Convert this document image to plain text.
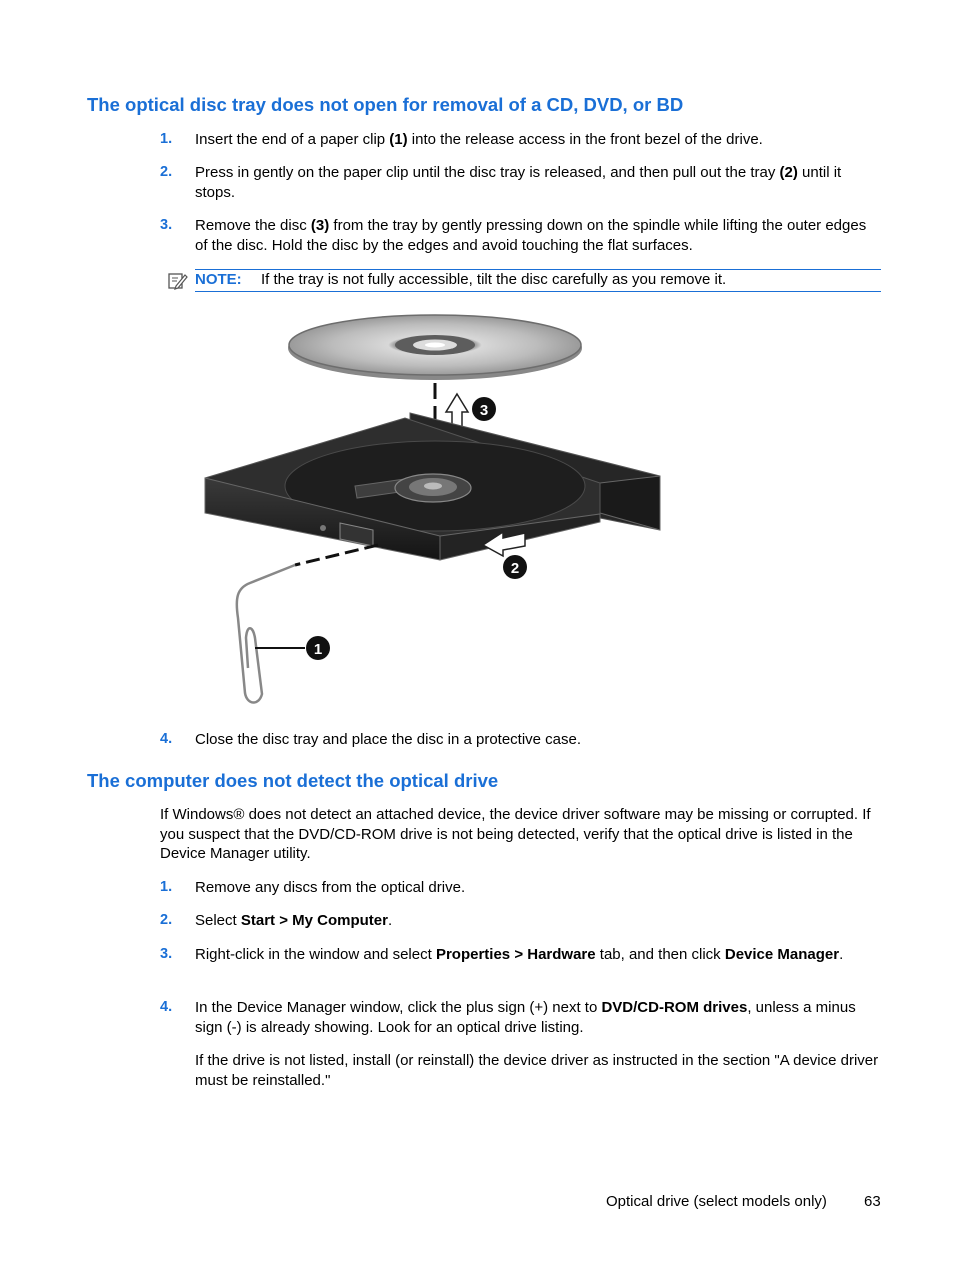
The optical disc tray does not open for removal of a CD, DVD, or BD
1. Insert the end of a paper clip (1) into the release access in the front bezel of the drive.
2. Press in gently on the paper clip until the disc tray is released, and then pull out the tray (2) until it stops.
3. Remove the disc (3) from the tray by gently pressing down on the spindle while lifting the outer edges of the disc. Hold the disc by the edges and avoid touching the flat surfaces.
NOTE: If the tray is not fully accessible, tilt the disc carefully as you remove it.
3
2
1
4. Close the disc tray and place the disc in a protective case.
The computer does not detect the optical drive
If Windows® does not detect an attached device, the device driver software may be missing or corrupted. If you suspect that the DVD/CD-ROM drive is not being detected, verify that the optical drive is listed in the Device Manager utility.
1. Remove any discs from the optical drive.
2. Select Start > My Computer.
3. Right-click in the window and select Properties > Hardware tab, and then click Device Manager.
4. In the Device Manager window, click the plus sign (+) next to DVD/CD-ROM drives, unless a minus sign (-) is already showing. Look for an optical drive listing.
If the drive is not listed, install (or reinstall) the device driver as instructed in the section "A device driver must be reinstalled."
Optical drive (select models only) 63
